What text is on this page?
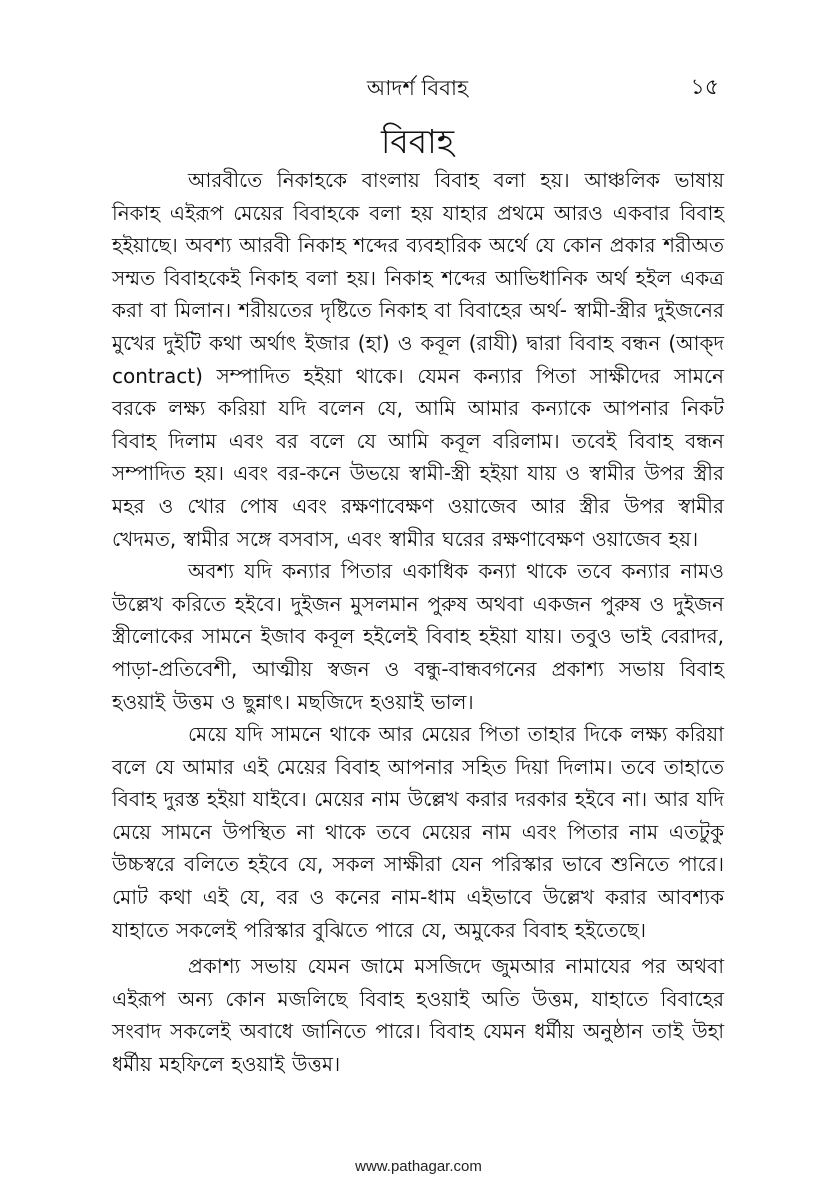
আদর্শ বিবাহ	১৫
বিবাহ

আরবীতে নিকাহকে বাংলায় বিবাহ বলা হয়। আঞ্চলিক ভাষায় নিকাহ এইরূপ মেয়ের বিবাহকে বলা হয় যাহার প্রথমে আরও একবার বিবাহ হইয়াছে। অবশ্য আরবী নিকাহ শব্দের ব্যবহারিক অর্থে যে কোন প্রকার শরীঅত সম্মত বিবাহকেই নিকাহ বলা হয়। নিকাহ শব্দের আভিধানিক অর্থ হইল একত্র করা বা মিলান। শরীয়তের দৃষ্টিতে নিকাহ বা বিবাহের অর্থ- স্বামী-স্ত্রীর দুইজনের মুখের দুইটি কথা অর্থাৎ ইজার (হা) ও কবূল (রাযী) দ্বারা বিবাহ বন্ধন (আক্দ contract) সম্পাদিত হইয়া থাকে। যেমন কন্যার পিতা সাক্ষীদের সামনে বরকে লক্ষ্য করিয়া যদি বলেন যে, আমি আমার কন্যাকে আপনার নিকট বিবাহ দিলাম এবং বর বলে যে আমি কবূল বরিলাম। তবেই বিবাহ বন্ধন সম্পাদিত হয়। এবং বর-কনে উভয়ে স্বামী-স্ত্রী হইয়া যায় ও স্বামীর উপর স্ত্রীর মহর ও খোর পোষ এবং রক্ষণাবেক্ষণ ওয়াজেব আর স্ত্রীর উপর স্বামীর খেদমত, স্বামীর সঙ্গে বসবাস, এবং স্বামীর ঘরের রক্ষণাবেক্ষণ ওয়াজেব হয়।

অবশ্য যদি কন্যার পিতার একাধিক কন্যা থাকে তবে কন্যার নামও উল্লেখ করিতে হইবে। দুইজন মুসলমান পুরুষ অথবা একজন পুরুষ ও দুইজন স্ত্রীলোকের সামনে ইজাব কবূল হইলেই বিবাহ হইয়া যায়। তবুও ভাই বেরাদর, পাড়া-প্রতিবেশী, আত্মীয় স্বজন ও বন্ধু-বান্ধবগনের প্রকাশ্য সভায় বিবাহ হওয়াই উত্তম ও ছুন্নাৎ। মছজিদে হওয়াই ভাল।

মেয়ে যদি সামনে থাকে আর মেয়ের পিতা তাহার দিকে লক্ষ্য করিয়া বলে যে আমার এই মেয়ের বিবাহ আপনার সহিত দিয়া দিলাম। তবে তাহাতে বিবাহ দুরস্ত হইয়া যাইবে। মেয়ের নাম উল্লেখ করার দরকার হইবে না। আর যদি মেয়ে সামনে উপস্থিত না থাকে তবে মেয়ের নাম এবং পিতার নাম এতটুকু উচ্চস্বরে বলিতে হইবে যে, সকল সাক্ষীরা যেন পরিস্কার ভাবে শুনিতে পারে। মোট কথা এই যে, বর ও কনের নাম-ধাম এইভাবে উল্লেখ করার আবশ্যক যাহাতে সকলেই পরিস্কার বুঝিতে পারে যে, অমুকের বিবাহ হইতেছে।

প্রকাশ্য সভায় যেমন জামে মসজিদে জুমআর নামাযের পর অথবা এইরূপ অন্য কোন মজলিছে বিবাহ হওয়াই অতি উত্তম, যাহাতে বিবাহের সংবাদ সকলেই অবাধে জানিতে পারে। বিবাহ যেমন ধর্মীয় অনুষ্ঠান তাই উহা ধর্মীয় মহফিলে হওয়াই উত্তম।

www.pathagar.com
